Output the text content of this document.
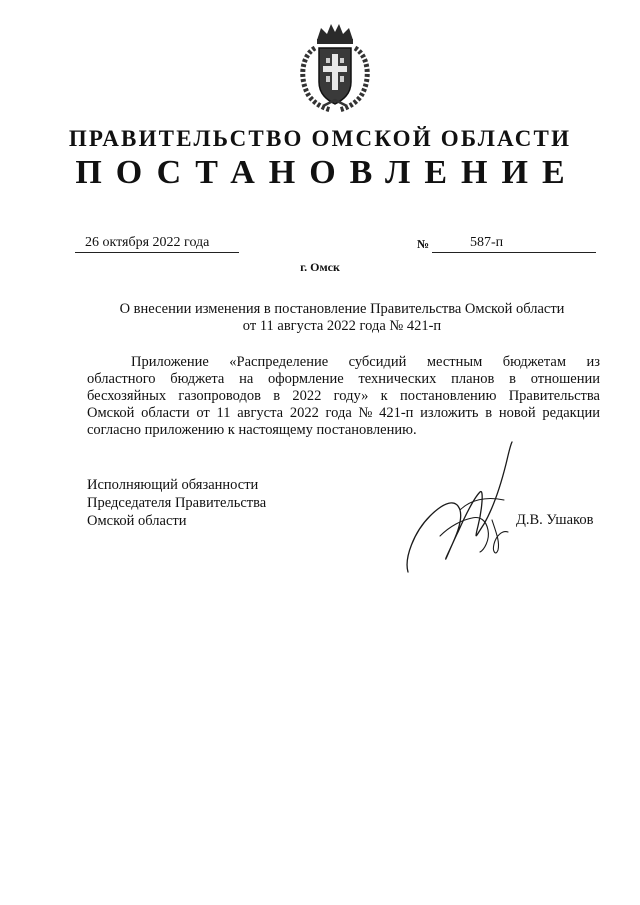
ПРАВИТЕЛЬСТВО ОМСКОЙ ОБЛАСТИ
ПОСТАНОВЛЕНИЕ
26 октября 2022 года	№	587-п
г. Омск
О внесении изменения в постановление Правительства Омской области
от 11 августа 2022 года № 421-п
Приложение «Распределение субсидий местным бюджетам из
областного бюджета на оформление технических планов в отношении
бесхозяйных газопроводов в 2022 году» к постановлению Правительства
Омской области от 11 августа 2022 года № 421-п изложить в новой редакции
согласно приложению к настоящему постановлению.
Исполняющий обязанности
Председателя Правительства
Омской области	Д.В. Ушаков
